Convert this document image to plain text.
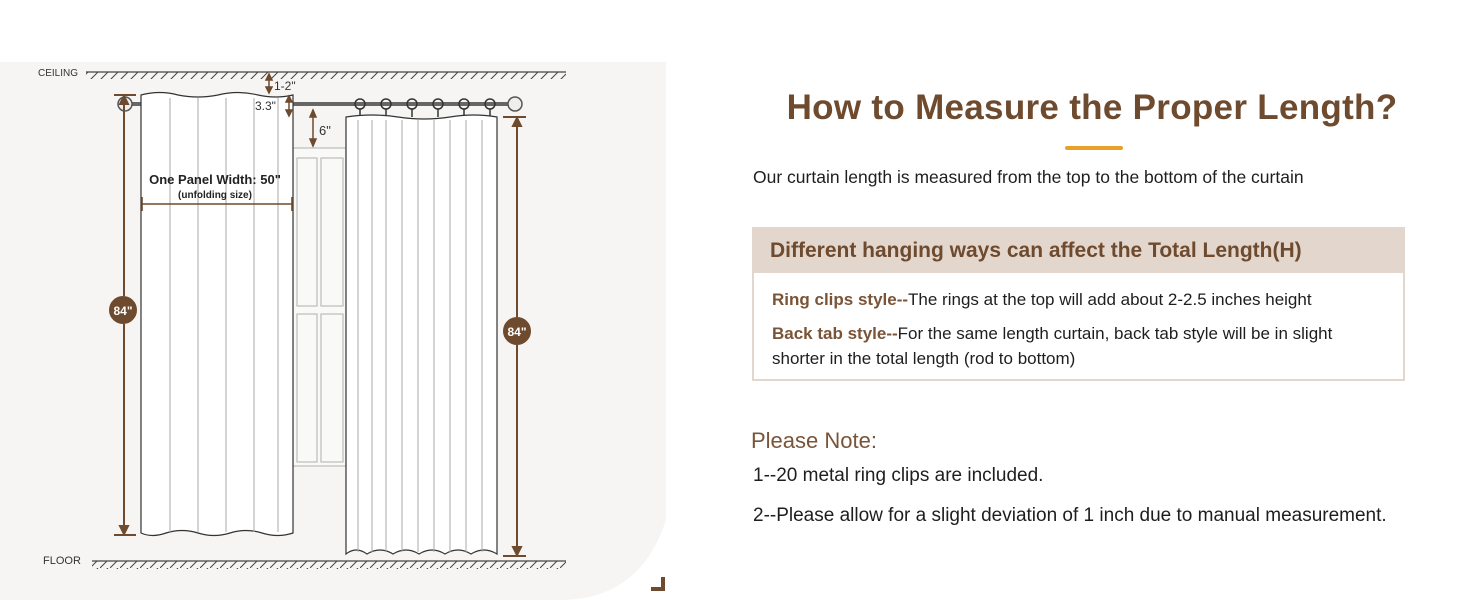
CEILING
1-2"
3.3"
6"
One Panel Width: 50"
(unfolding size)
84"
84"
FLOOR
How to Measure the Proper Length?
Our curtain length is measured from the top to the bottom of the curtain
Different hanging ways can affect the Total Length(H)

Ring clips style--The rings at the top will add about 2-2.5 inches height

Back tab style--For the same length curtain, back tab style will be in slight shorter in the total length (rod to bottom)

Please Note:
1--20 metal ring clips are included.
2--Please allow for a slight deviation of 1 inch due to manual measurement.
